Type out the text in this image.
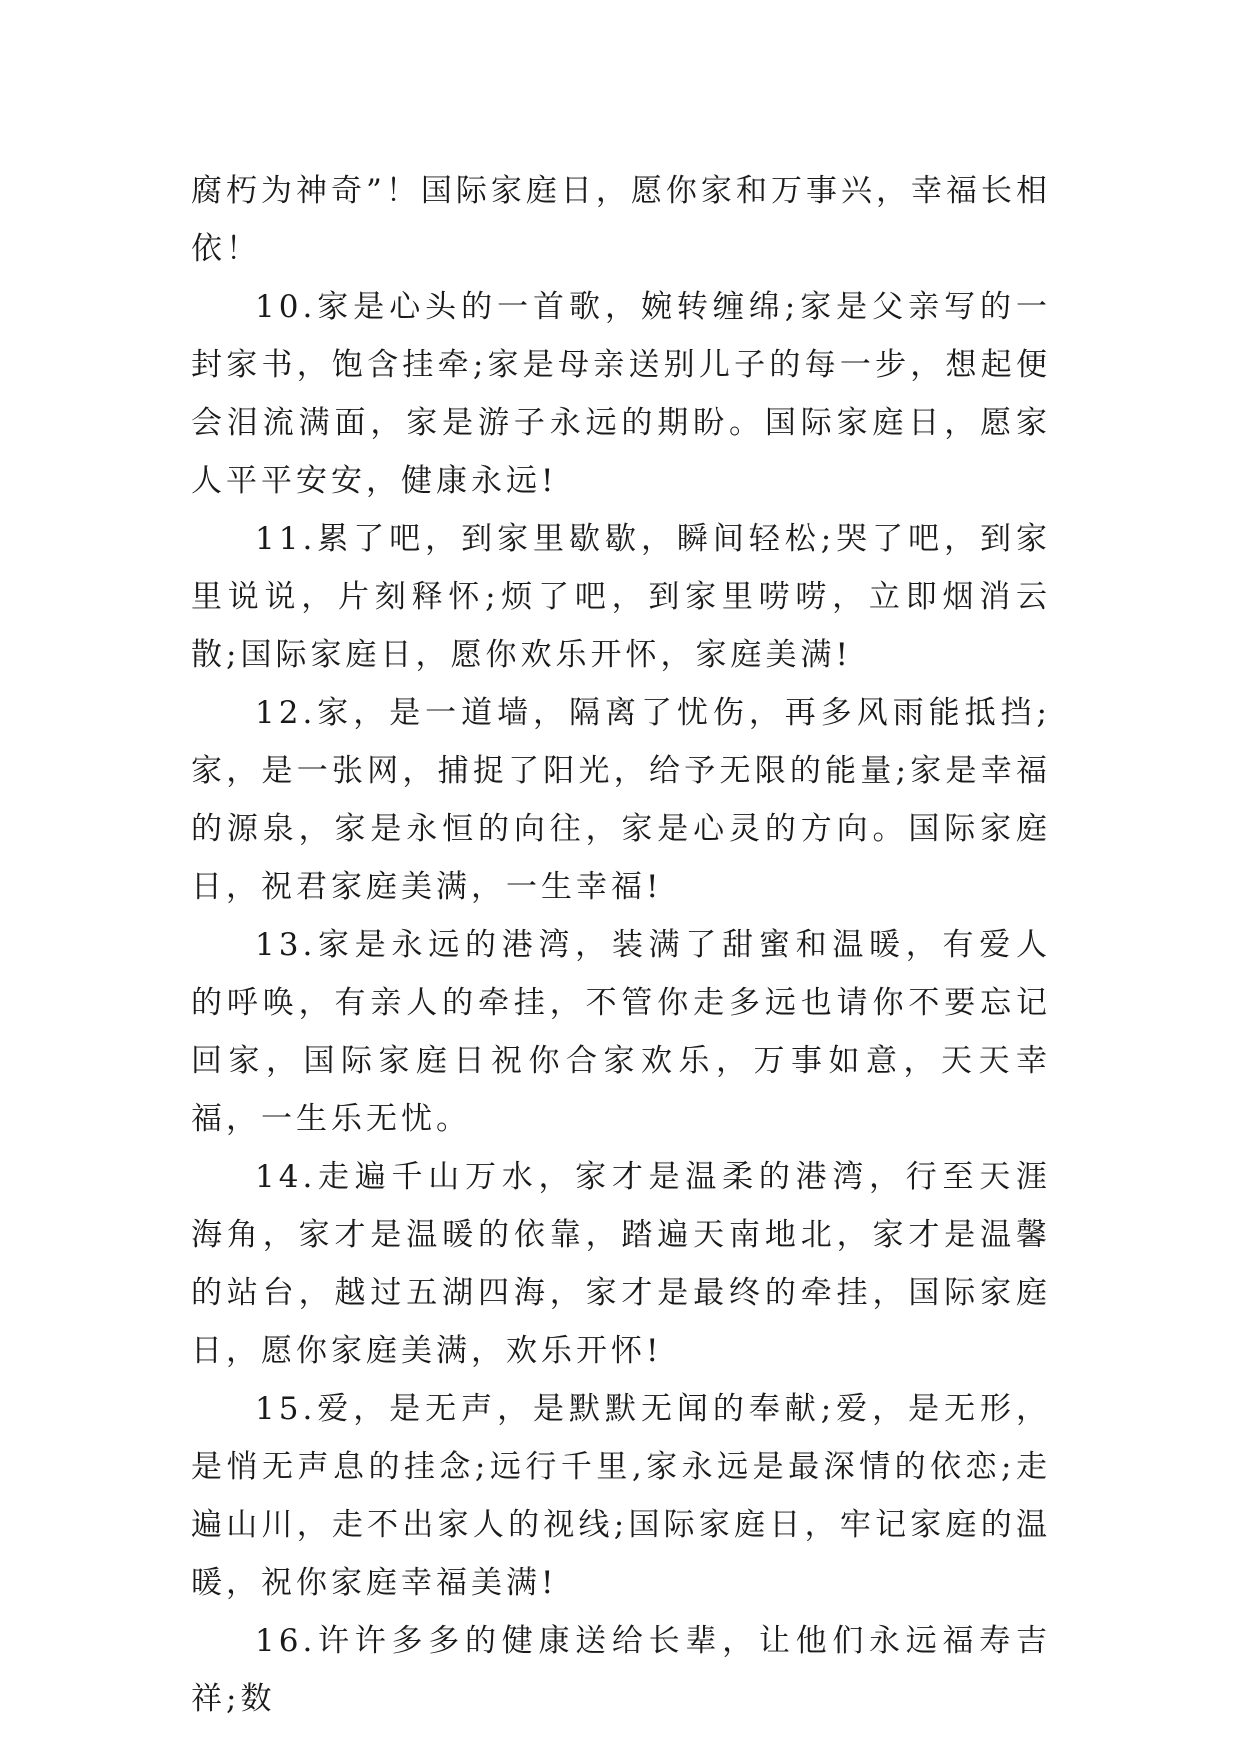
腐朽为神奇”！国际家庭日，愿你家和万事兴，幸福长相依！

10.家是心头的一首歌，婉转缠绵;家是父亲写的一封家书，饱含挂牵;家是母亲送别儿子的每一步，想起便会泪流满面，家是游子永远的期盼。国际家庭日，愿家人平平安安，健康永远!

11.累了吧，到家里歇歇，瞬间轻松;哭了吧，到家里说说，片刻释怀;烦了吧，到家里唠唠，立即烟消云散;国际家庭日，愿你欢乐开怀，家庭美满!

12.家，是一道墙，隔离了忧伤，再多风雨能抵挡;家，是一张网，捕捉了阳光，给予无限的能量;家是幸福的源泉，家是永恒的向往，家是心灵的方向。国际家庭日，祝君家庭美满，一生幸福!

13.家是永远的港湾，装满了甜蜜和温暖，有爱人的呼唤，有亲人的牵挂，不管你走多远也请你不要忘记回家，国际家庭日祝你合家欢乐，万事如意，天天幸福，一生乐无忧。

14.走遍千山万水，家才是温柔的港湾，行至天涯海角，家才是温暖的依靠，踏遍天南地北，家才是温馨的站台，越过五湖四海，家才是最终的牵挂，国际家庭日，愿你家庭美满，欢乐开怀!

15.爱，是无声，是默默无闻的奉献;爱，是无形，是悄无声息的挂念;远行千里,家永远是最深情的依恋;走遍山川，走不出家人的视线;国际家庭日，牢记家庭的温暖，祝你家庭幸福美满!

16.许许多多的健康送给长辈，让他们永远福寿吉祥;数
